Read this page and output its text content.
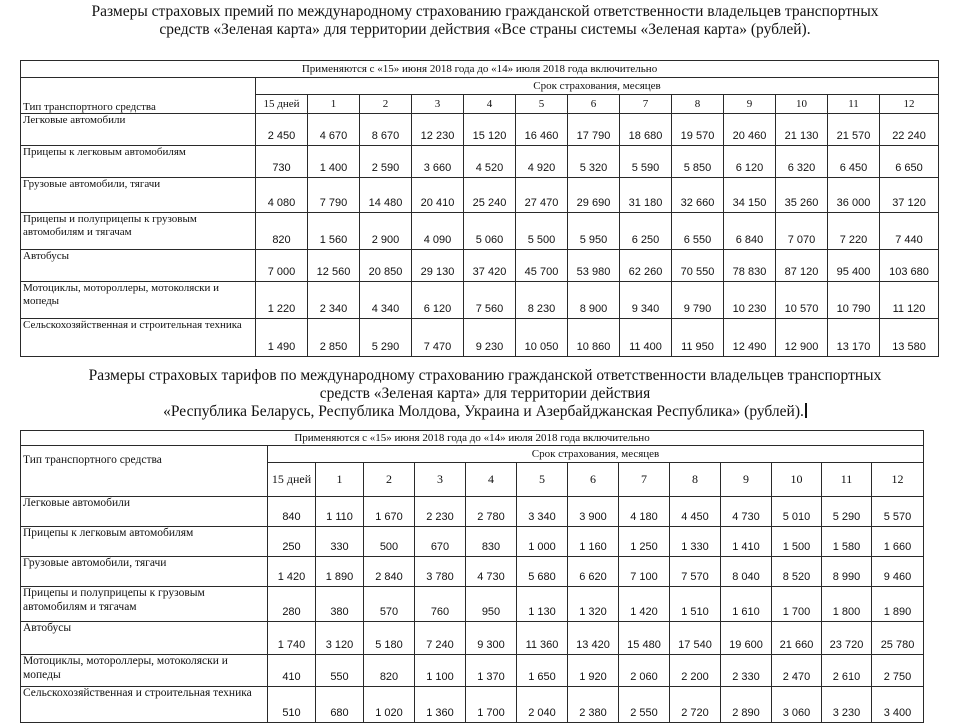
Размеры страховых премий по международному страхованию гражданской ответственности владельцев транспортных
средств «Зеленая карта» для территории действия «Все страны системы «Зеленая карта» (рублей).
Применяются с «15» июня 2018 года до «14» июля 2018 года включительно													
Тип транспортного средства	Срок страхования, месяцев												
	15 дней	1	2	3	4	5	6	7	8	9	10	11	12
Легковые автомобили	2 450	4 670	8 670	12 230	15 120	16 460	17 790	18 680	19 570	20 460	21 130	21 570	22 240
Прицепы к легковым автомобилям	730	1 400	2 590	3 660	4 520	4 920	5 320	5 590	5 850	6 120	6 320	6 450	6 650
Грузовые автомобили, тягачи	4 080	7 790	14 480	20 410	25 240	27 470	29 690	31 180	32 660	34 150	35 260	36 000	37 120
Прицепы и полуприцепы к грузовым автомобилям и тягачам	820	1 560	2 900	4 090	5 060	5 500	5 950	6 250	6 550	6 840	7 070	7 220	7 440
Автобусы	7 000	12 560	20 850	29 130	37 420	45 700	53 980	62 260	70 550	78 830	87 120	95 400	103 680
Мотоциклы, мотороллеры, мотоколяски и мопеды	1 220	2 340	4 340	6 120	7 560	8 230	8 900	9 340	9 790	10 230	10 570	10 790	11 120
Сельскохозяйственная и строительная техника	1 490	2 850	5 290	7 470	9 230	10 050	10 860	11 400	11 950	12 490	12 900	13 170	13 580
Размеры страховых тарифов по международному страхованию гражданской ответственности владельцев транспортных
средств «Зеленая карта» для территории действия
«Республика Беларусь, Республика Молдова, Украина и Азербайджанская Республика» (рублей).
Применяются с «15» июня 2018 года до «14» июля 2018 года включительно													
Тип транспортного средства	Срок страхования, месяцев												
	15 дней	1	2	3	4	5	6	7	8	9	10	11	12
Легковые автомобили	840	1 110	1 670	2 230	2 780	3 340	3 900	4 180	4 450	4 730	5 010	5 290	5 570
Прицепы к легковым автомобилям	250	330	500	670	830	1 000	1 160	1 250	1 330	1 410	1 500	1 580	1 660
Грузовые автомобили, тягачи	1 420	1 890	2 840	3 780	4 730	5 680	6 620	7 100	7 570	8 040	8 520	8 990	9 460
Прицепы и полуприцепы к грузовым автомобилям и тягачам	280	380	570	760	950	1 130	1 320	1 420	1 510	1 610	1 700	1 800	1 890
Автобусы	1 740	3 120	5 180	7 240	9 300	11 360	13 420	15 480	17 540	19 600	21 660	23 720	25 780
Мотоциклы, мотороллеры, мотоколяски и мопеды	410	550	820	1 100	1 370	1 650	1 920	2 060	2 200	2 330	2 470	2 610	2 750
Сельскохозяйственная и строительная техника	510	680	1 020	1 360	1 700	2 040	2 380	2 550	2 720	2 890	3 060	3 230	3 400
